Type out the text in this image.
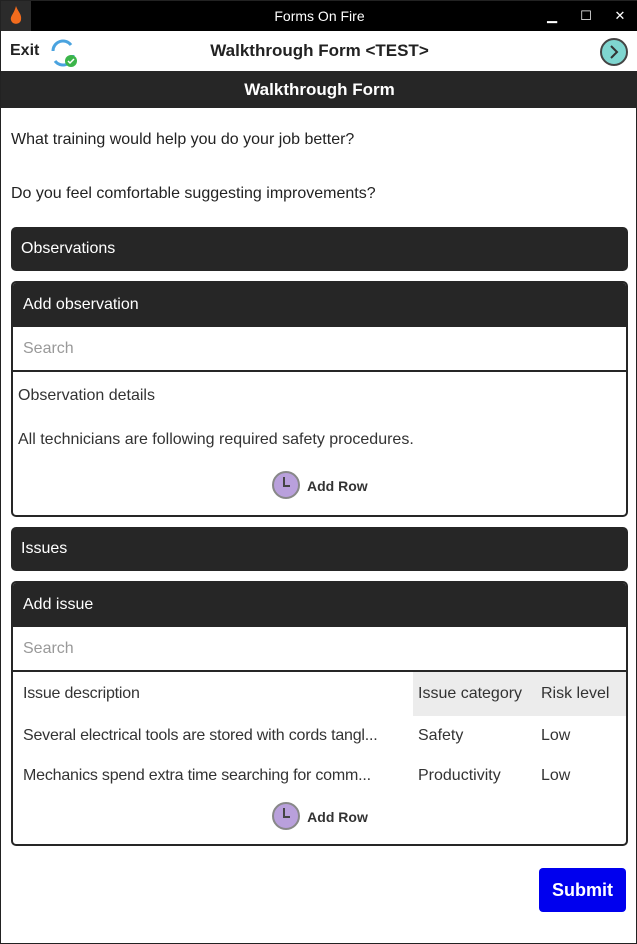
Forms On Fire	▁	☐	✕
Exit	Walkthrough Form <TEST>
Walkthrough Form
What training would help you do your job better?
Do you feel comfortable suggesting improvements?
Observations
Add observation
Search
Observation details
All technicians are following required safety procedures.
Add Row
Issues
Add issue
Search
Issue description	Issue category	Risk level
Several electrical tools are stored with cords tangl...	Safety	Low
Mechanics spend extra time searching for comm...	Productivity	Low
Add Row
Submit
